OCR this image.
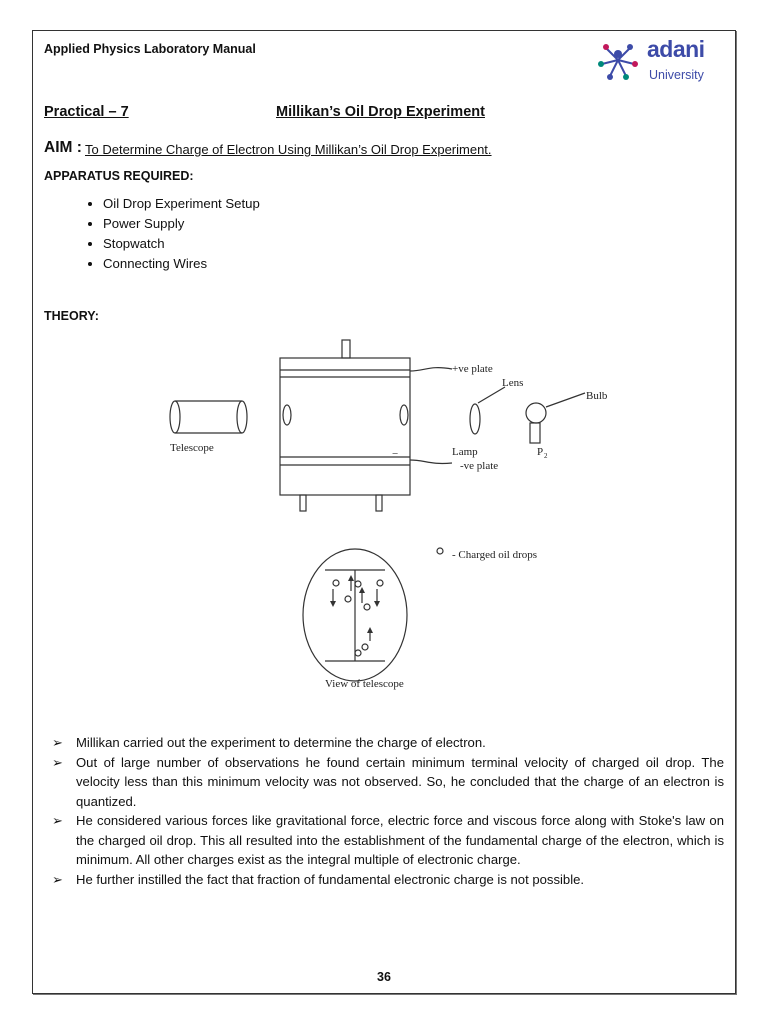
Applied Physics Laboratory Manual	adani
University
Practical – 7	Millikan’s Oil Drop Experiment
AIM : To Determine Charge of Electron Using Millikan’s Oil Drop Experiment.
APPARATUS REQUIRED:
• Oil Drop Experiment Setup
• Power Supply
• Stopwatch
• Connecting Wires
THEORY:
+ve plate
Lens
Bulb
Telescope	Lamp
-ve plate
P 2
−
- Charged oil drops
View of telescope
➢ Millikan carried out the experiment to determine the charge of electron.
➢ Out of large number of observations he found certain minimum terminal velocity of charged oil drop. The velocity less than this minimum velocity was not observed. So, he concluded that the charge of an electron is quantized.
➢ He considered various forces like gravitational force, electric force and viscous force along with Stoke's law on the charged oil drop. This all resulted into the establishment of the fundamental charge of the electron, which is minimum. All other charges exist as the integral multiple of electronic charge.
➢ He further instilled the fact that fraction of fundamental electronic charge is not possible.
36
